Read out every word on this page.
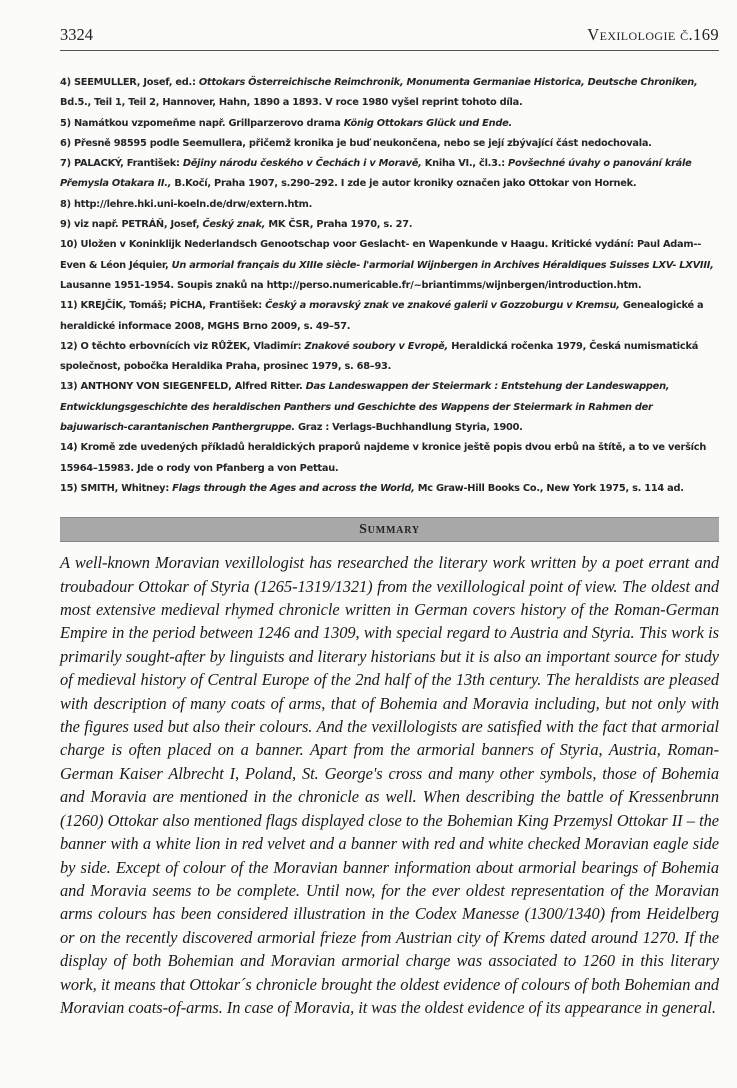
3324	Vexilologie č.169

4) SEEMULLER, Josef, ed.: Ottokars Österreichische Reimchronik, Monumenta Germaniae Historica, Deutsche Chroniken, Bd.5., Teil 1, Teil 2, Hannover, Hahn, 1890 a 1893. V roce 1980 vyšel reprint tohoto díla.

5) Namátkou vzpomeňme např. Grillparzerovo drama König Ottokars Glück und Ende.

6) Přesně 98595 podle Seemullera, přičemž kronika je buď neukončena, nebo se její zbývající část nedochovala.

7) PALACKÝ, František: Dějiny národu českého v Čechách i v Moravě, Kniha VI., čl.3.: Povšechné úvahy o panování krále Přemysla Otakara II., B.Kočí, Praha 1907, s.290–292. I zde je autor kroniky označen jako Ottokar von Hornek.

8) http://lehre.hki.uni-koeln.de/drw/extern.htm.

9) viz např. PETRÁŇ, Josef, Český znak, MK ČSR, Praha 1970, s. 27.

10) Uložen v Koninklijk Nederlandsch Genootschap voor Geslacht- en Wapenkunde v Haagu. Kritické vydání: Paul Adam--Even & Léon Jéquier, Un armorial français du XIIIe siècle- l'armorial Wijnbergen in Archives Héraldiques Suisses LXV- LXVIII, Lausanne 1951-1954. Soupis znaků na http://perso.numericable.fr/~briantimms/wijnbergen/introduction.htm.

11) KREJČÍK, Tomáš; PÍCHA, František: Český a moravský znak ve znakové galerii v Gozzoburgu v Kremsu, Genealogické a heraldické informace 2008, MGHS Brno 2009, s. 49–57.

12) O těchto erbovnících viz RŮŽEK, Vladimír: Znakové soubory v Evropě, Heraldická ročenka 1979, Česká numismatická společnost, pobočka Heraldika Praha, prosinec 1979, s. 68–93.

13) ANTHONY VON SIEGENFELD, Alfred Ritter. Das Landeswappen der Steiermark : Entstehung der Landeswappen, Entwicklungsgeschichte des heraldischen Panthers und Geschichte des Wappens der Steiermark in Rahmen der bajuwarisch-carantanischen Panthergruppe. Graz : Verlags-Buchhandlung Styria, 1900.

14) Kromě zde uvedených příkladů heraldických praporů najdeme v kronice ještě popis dvou erbů na štítě, a to ve verších 15964–15983. Jde o rody von Pfanberg a von Pettau.

15) SMITH, Whitney: Flags through the Ages and across the World, Mc Graw-Hill Books Co., New York 1975, s. 114 ad.

Summary

A well-known Moravian vexillologist has researched the literary work written by a poet errant and troubadour Ottokar of Styria (1265-1319/1321) from the vexillological point of view. The oldest and most extensive medieval rhymed chronicle written in German covers history of the Roman-German Empire in the period between 1246 and 1309, with special regard to Austria and Styria. This work is primarily sought-after by linguists and literary historians but it is also an important source for study of medieval history of Central Europe of the 2nd half of the 13th century. The heraldists are pleased with description of many coats of arms, that of Bohemia and Moravia including, but not only with the figures used but also their colours. And the vexillologists are satisfied with the fact that armorial charge is often placed on a banner. Apart from the armorial banners of Styria, Austria, Roman-German Kaiser Albrecht I, Poland, St. George's cross and many other symbols, those of Bohemia and Moravia are mentioned in the chronicle as well. When describing the battle of Kressenbrunn (1260) Ottokar also mentioned flags displayed close to the Bohemian King Przemysl Ottokar II – the banner with a white lion in red velvet and a banner with red and white checked Moravian eagle side by side. Except of colour of the Moravian banner information about armorial bearings of Bohemia and Moravia seems to be complete. Until now, for the ever oldest representation of the Moravian arms colours has been considered illustration in the Codex Manesse (1300/1340) from Heidelberg or on the recently discovered armorial frieze from Austrian city of Krems dated around 1270. If the display of both Bohemian and Moravian armorial charge was associated to 1260 in this literary work, it means that Ottokar´s chronicle brought the oldest evidence of colours of both Bohemian and Moravian coats-of-arms. In case of Moravia, it was the oldest evidence of its appearance in general.
